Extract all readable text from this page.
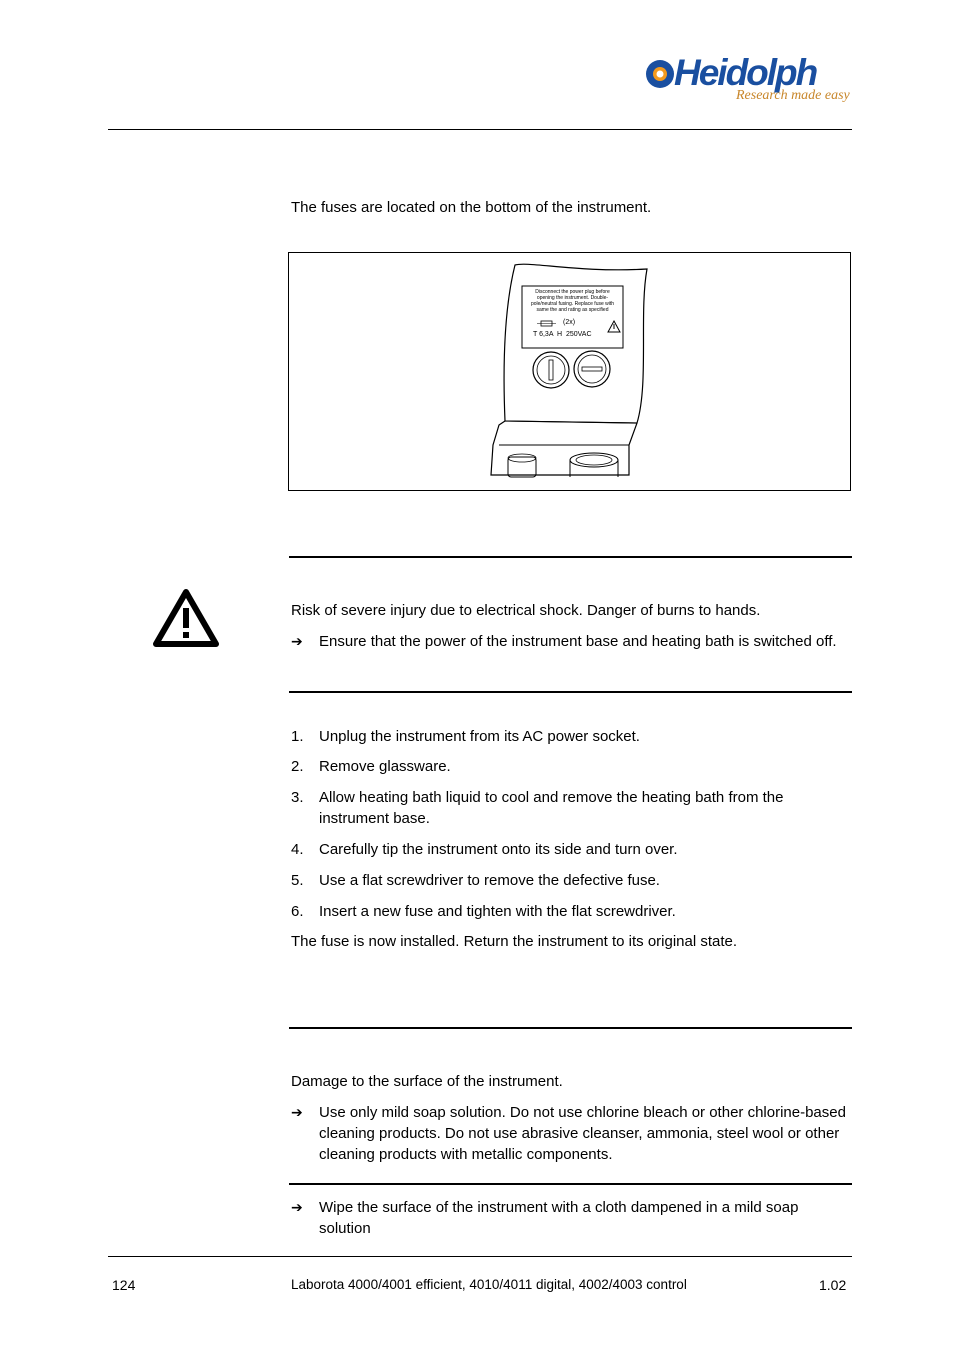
Heidolph
Research made easy
The fuses are located on the bottom of the instrument.
Disconnect the power plug before
opening the instrument. Double-
pole/neutral fusing. Replace fuse with
same the and rating as specified
(2x)
T 6,3A  H  250VAC
Risk of severe injury due to electrical shock. Danger of burns to hands.
➔ Ensure that the power of the instrument base and heating bath is switched off.
1. Unplug the instrument from its AC power socket.
2. Remove glassware.
3. Allow heating bath liquid to cool and remove the heating bath from the instrument base.
4. Carefully tip the instrument onto its side and turn over.
5. Use a flat screwdriver to remove the defective fuse.
6. Insert a new fuse and tighten with the flat screwdriver.
The fuse is now installed. Return the instrument to its original state.
Damage to the surface of the instrument.
➔ Use only mild soap solution. Do not use chlorine bleach or other chlorine-based cleaning products. Do not use abrasive cleanser, ammonia, steel wool or other cleaning products with metallic components.
➔ Wipe the surface of the instrument with a cloth dampened in a mild soap solution
124	Laborota 4000/4001 efficient, 4010/4011 digital, 4002/4003 control	1.02
